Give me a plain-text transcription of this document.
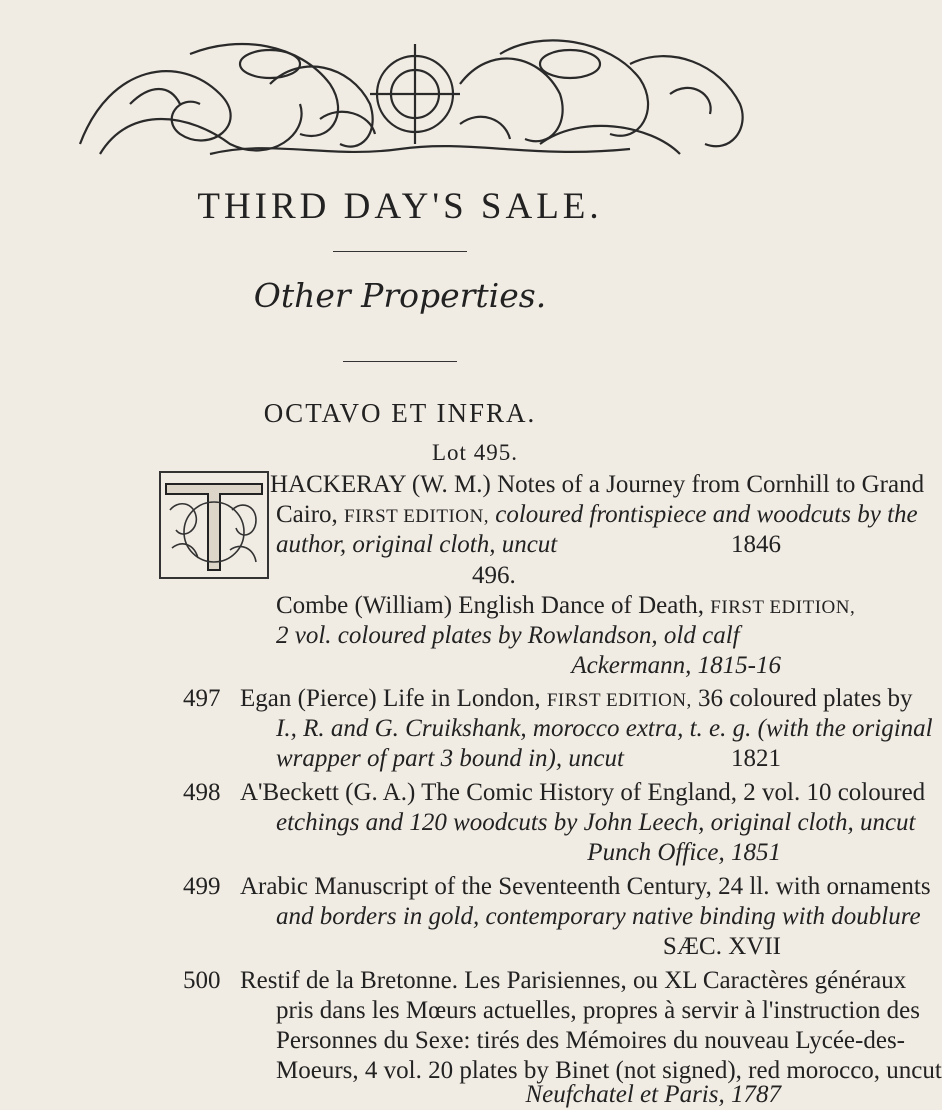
THIRD DAY'S SALE.
Other Properties.
OCTAVO ET INFRA.
Lot 495.
HACKERAY (W. M.) Notes of a Journey from Cornhill to Grand
Cairo, FIRST EDITION, coloured frontispiece and woodcuts by the
author, original cloth, uncut	1846
496.
Combe (William) English Dance of Death, FIRST EDITION,
2 vol. coloured plates by Rowlandson, old calf
Ackermann, 1815-16
497 Egan (Pierce) Life in London, FIRST EDITION, 36 coloured plates by
I., R. and G. Cruikshank, morocco extra, t. e. g. (with the original
wrapper of part 3 bound in), uncut	1821
498 A'Beckett (G. A.) The Comic History of England, 2 vol. 10 coloured
etchings and 120 woodcuts by John Leech, original cloth, uncut
Punch Office, 1851
499 Arabic Manuscript of the Seventeenth Century, 24 ll. with ornaments
and borders in gold, contemporary native binding with doublure
SÆC. XVII
500 Restif de la Bretonne. Les Parisiennes, ou XL Caractères généraux
pris dans les Mœurs actuelles, propres à servir à l'instruction des
Personnes du Sexe: tirés des Mémoires du nouveau Lycée-des-
Moeurs, 4 vol. 20 plates by Binet (not signed), red morocco, uncut
Neufchatel et Paris, 1787
